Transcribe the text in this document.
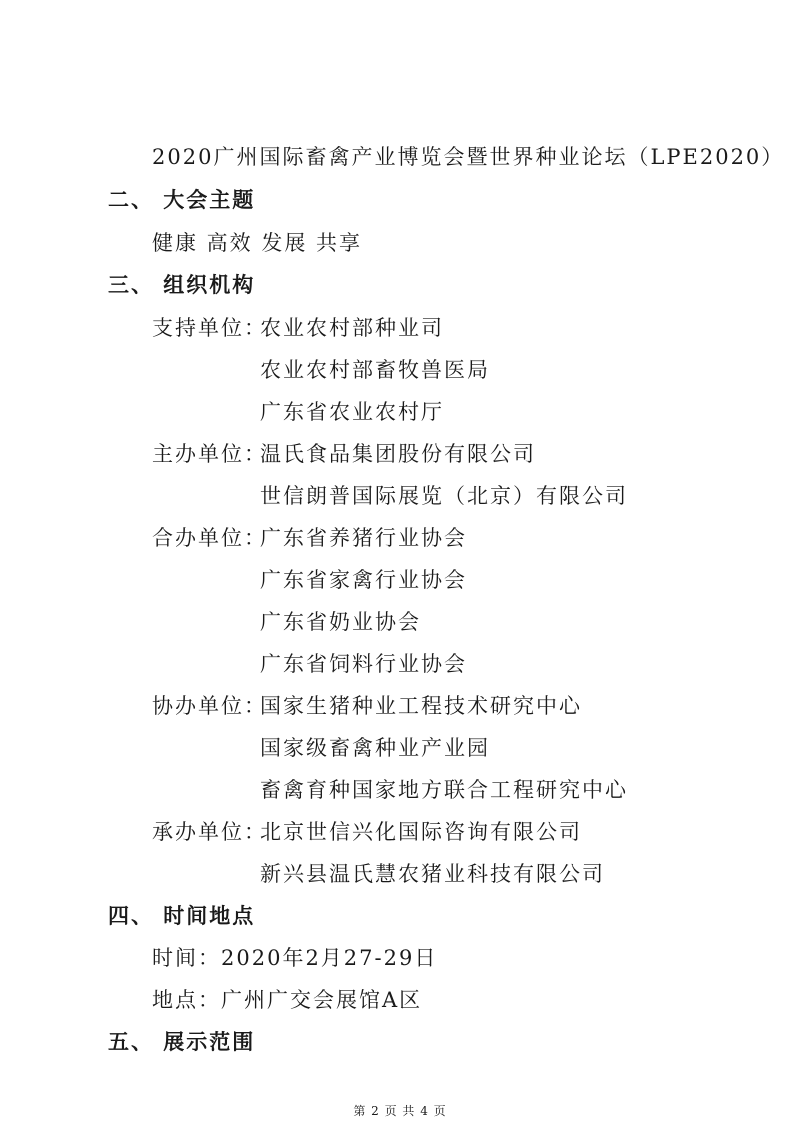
2020广州国际畜禽产业博览会暨世界种业论坛（LPE2020）
二、 大会主题
健康 高效 发展 共享
三、 组织机构
支持单位：
农业农村部种业司
农业农村部畜牧兽医局
广东省农业农村厅
主办单位：
温氏食品集团股份有限公司
世信朗普国际展览（北京）有限公司
合办单位：
广东省养猪行业协会
广东省家禽行业协会
广东省奶业协会
广东省饲料行业协会
协办单位：
国家生猪种业工程技术研究中心
国家级畜禽种业产业园
畜禽育种国家地方联合工程研究中心
承办单位：
北京世信兴化国际咨询有限公司
新兴县温氏慧农猪业科技有限公司
四、 时间地点
时间：2020年2月27-29日
地点：广州广交会展馆A区
五、 展示范围
第 2 页 共 4 页
